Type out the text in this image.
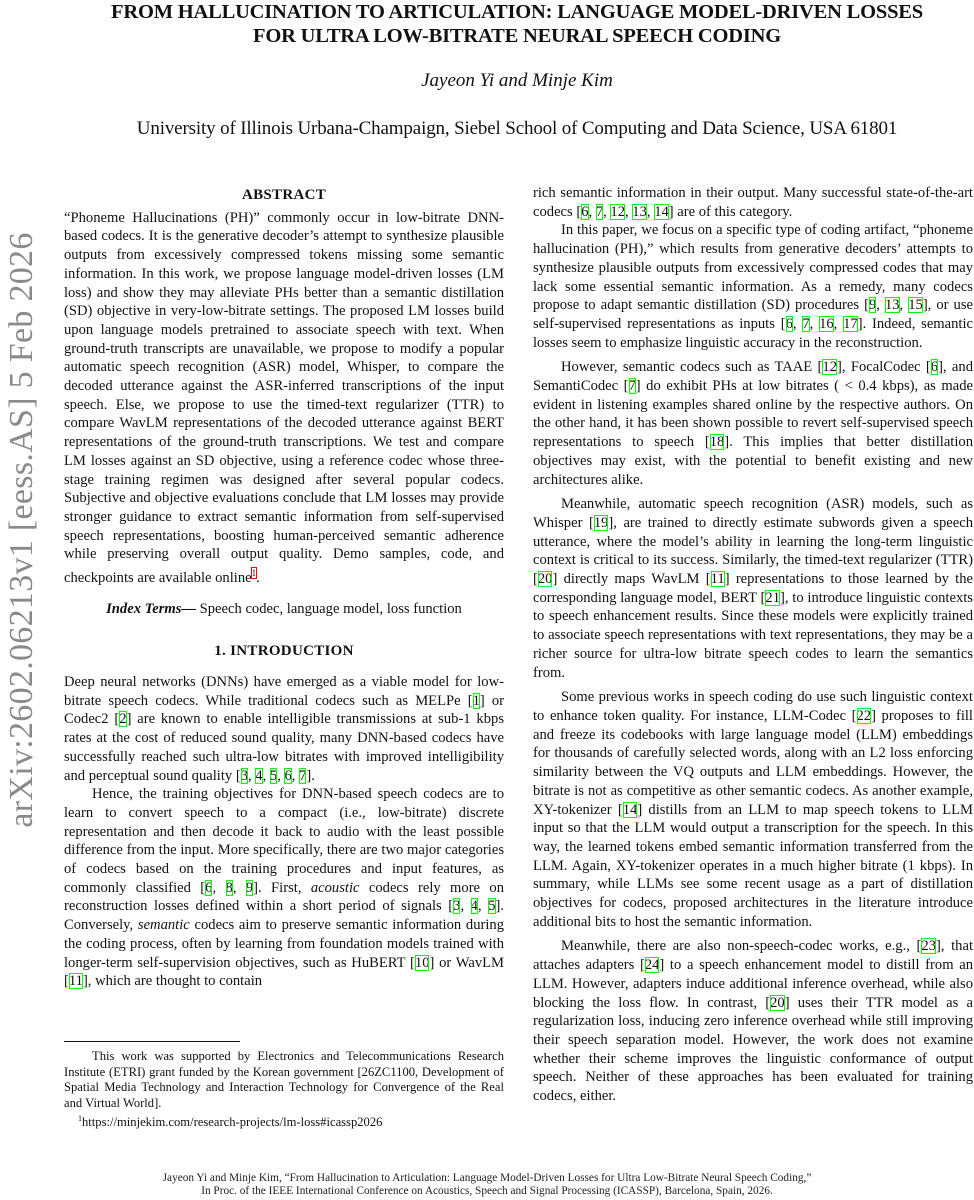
FROM HALLUCINATION TO ARTICULATION: LANGUAGE MODEL-DRIVEN LOSSES
FOR ULTRA LOW-BITRATE NEURAL SPEECH CODING
Jayeon Yi and Minje Kim
University of Illinois Urbana-Champaign, Siebel School of Computing and Data Science, USA 61801
arXiv:2602.06213v1 [eess.AS] 5 Feb 2026
ABSTRACT

“Phoneme Hallucinations (PH)” commonly occur in low-bitrate DNN-based codecs. It is the generative decoder’s attempt to synthesize plausible outputs from excessively compressed tokens missing some semantic information. In this work, we propose language model-driven losses (LM loss) and show they may alleviate PHs better than a semantic distillation (SD) objective in very-low-bitrate settings. The proposed LM losses build upon language models pretrained to associate speech with text. When ground-truth transcripts are unavailable, we propose to modify a popular automatic speech recognition (ASR) model, Whisper, to compare the decoded utterance against the ASR-inferred transcriptions of the input speech. Else, we propose to use the timed-text regularizer (TTR) to compare WavLM representations of the decoded utterance against BERT representations of the ground-truth transcriptions. We test and compare LM losses against an SD objective, using a reference codec whose three-stage training regimen was designed after several popular codecs. Subjective and objective evaluations conclude that LM losses may provide stronger guidance to extract semantic information from self-supervised speech representations, boosting human-perceived semantic adherence while preserving overall output quality. Demo samples, code, and checkpoints are available online$^1$.

Index Terms— Speech codec, language model, loss function
1. INTRODUCTION

Deep neural networks (DNNs) have emerged as a viable model for low-bitrate speech codecs. While traditional codecs such as MELPe [1] or Codec2 [2] are known to enable intelligible transmissions at sub-1 kbps rates at the cost of reduced sound quality, many DNN-based codecs have successfully reached such ultra-low bitrates with improved intelligibility and perceptual sound quality [3, 4, 5, 6, 7].

Hence, the training objectives for DNN-based speech codecs are to learn to convert speech to a compact (i.e., low-bitrate) discrete representation and then decode it back to audio with the least possible difference from the input. More specifically, there are two major categories of codecs based on the training procedures and input features, as commonly classified [6, 8, 9]. First, acoustic codecs rely more on reconstruction losses defined within a short period of signals [3, 4, 5]. Conversely, semantic codecs aim to preserve semantic information during the coding process, often by learning from foundation models trained with longer-term self-supervision objectives, such as HuBERT [10] or WavLM [11], which are thought to contain

This work was supported by Electronics and Telecommunications Research Institute (ETRI) grant funded by the Korean government [26ZC1100, Development of Spatial Media Technology and Interaction Technology for Convergence of the Real and Virtual World].

$^1$https://minjekim.com/research-projects/lm-loss#icassp2026

rich semantic information in their output. Many successful state-of-the-art codecs [6, 7, 12, 13, 14] are of this category.

In this paper, we focus on a specific type of coding artifact, “phoneme hallucination (PH),” which results from generative decoders’ attempts to synthesize plausible outputs from excessively compressed codes that may lack some essential semantic information. As a remedy, many codecs propose to adapt semantic distillation (SD) procedures [9, 13, 15], or use self-supervised representations as inputs [6, 7, 16, 17]. Indeed, semantic losses seem to emphasize linguistic accuracy in the reconstruction.

However, semantic codecs such as TAAE [12], FocalCodec [6], and SemantiCodec [7] do exhibit PHs at low bitrates ( < 0.4 kbps), as made evident in listening examples shared online by the respective authors. On the other hand, it has been shown possible to revert self-supervised speech representations to speech [18]. This implies that better distillation objectives may exist, with the potential to benefit existing and new architectures alike.

Meanwhile, automatic speech recognition (ASR) models, such as Whisper [19], are trained to directly estimate subwords given a speech utterance, where the model’s ability in learning the long-term linguistic context is critical to its success. Similarly, the timed-text regularizer (TTR) [20] directly maps WavLM [11] representations to those learned by the corresponding language model, BERT [21], to introduce linguistic contexts to speech enhancement results. Since these models were explicitly trained to associate speech representations with text representations, they may be a richer source for ultra-low bitrate speech codes to learn the semantics from.

Some previous works in speech coding do use such linguistic context to enhance token quality. For instance, LLM-Codec [22] proposes to fill and freeze its codebooks with large language model (LLM) embeddings for thousands of carefully selected words, along with an L2 loss enforcing similarity between the VQ outputs and LLM embeddings. However, the bitrate is not as competitive as other semantic codecs. As another example, XY-tokenizer [14] distills from an LLM to map speech tokens to LLM input so that the LLM would output a transcription for the speech. In this way, the learned tokens embed semantic information transferred from the LLM. Again, XY-tokenizer operates in a much higher bitrate (1 kbps). In summary, while LLMs see some recent usage as a part of distillation objectives for codecs, proposed architectures in the literature introduce additional bits to host the semantic information.

Meanwhile, there are also non-speech-codec works, e.g., [23], that attaches adapters [24] to a speech enhancement model to distill from an LLM. However, adapters induce additional inference overhead, while also blocking the loss flow. In contrast, [20] uses their TTR model as a regularization loss, inducing zero inference overhead while still improving their speech separation model. However, the work does not examine whether their scheme improves the linguistic conformance of output speech. Neither of these approaches has been evaluated for training codecs, either.

Jayeon Yi and Minje Kim, “From Hallucination to Articulation: Language Model-Driven Losses for Ultra Low-Bitrate Neural Speech Coding,”
In Proc. of the IEEE International Conference on Acoustics, Speech and Signal Processing (ICASSP), Barcelona, Spain, 2026.
